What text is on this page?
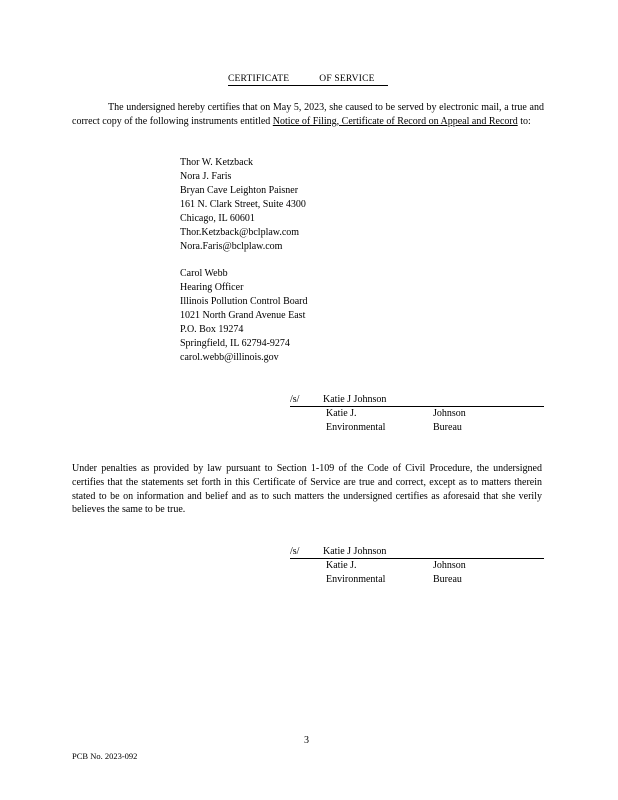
CERTIFICATE	OF SERVICE

The undersigned hereby certifies that on May 5, 2023, she caused to be served by electronic mail, a true and correct copy of the following instruments entitled Notice of Filing, Certificate of Record on Appeal and Record to:

Thor W. Ketzback
Nora J. Faris
Bryan Cave Leighton Paisner
161 N. Clark Street, Suite 4300
Chicago, IL 60601
Thor.Ketzback@bclplaw.com
Nora.Faris@bclplaw.com
Carol Webb
Hearing Officer
Illinois Pollution Control Board
1021 North Grand Avenue East
P.O. Box 19274
Springfield, IL 62794-9274
carol.webb@illinois.gov
/s/ Katie J Johnson
Katie J.	Johnson
Environmental	Bureau

Under penalties as provided by law pursuant to Section 1-109 of the Code of Civil Procedure, the undersigned certifies that the statements set forth in this Certificate of Service are true and correct, except as to matters therein stated to be on information and belief and as to such matters the undersigned certifies as aforesaid that she verily believes the same to be true.

/s/ Katie J Johnson
Katie J.	Johnson
Environmental	Bureau
3
PCB No. 2023-092
